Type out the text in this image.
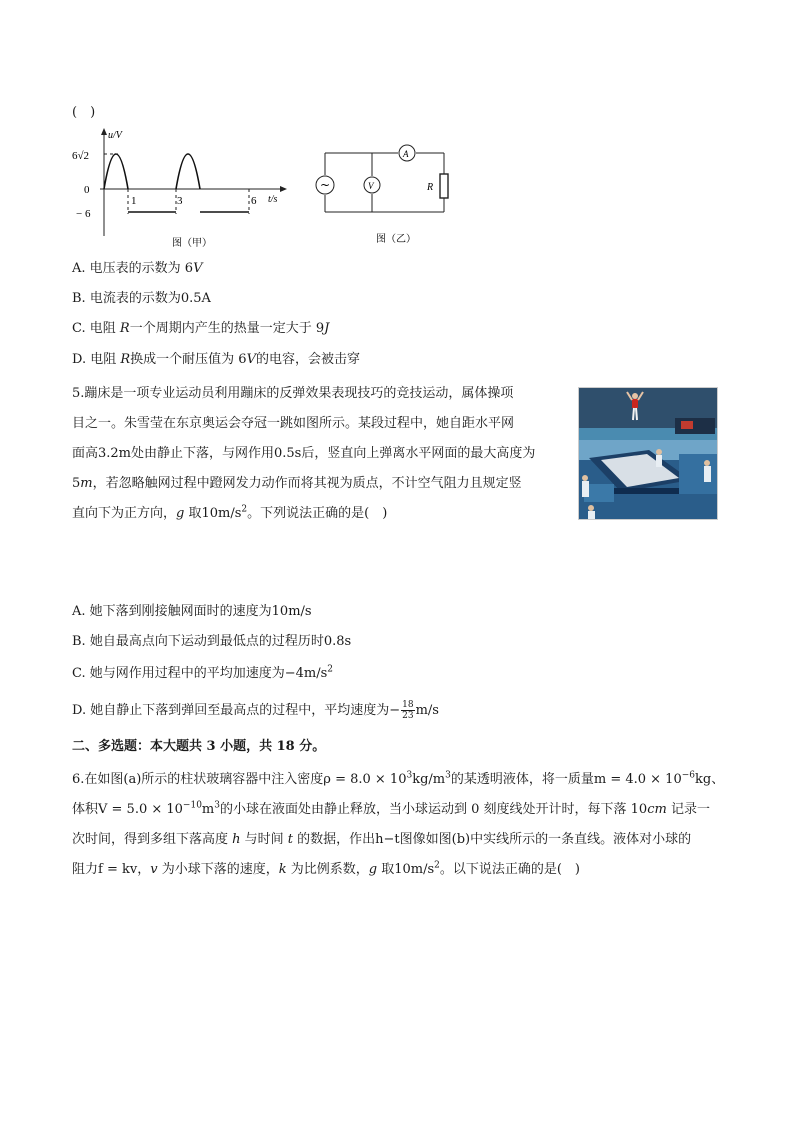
(　)
u/V
t/s
6√2
0
− 6
1	3	6
图（甲）
~	V
A
R
图（乙）
A. 电压表的示数为 6V
B. 电流表的示数为0.5A
C. 电阻 R一个周期内产生的热量一定大于 9J
D. 电阻 R换成一个耐压值为 6V的电容，会被击穿
5.蹦床是一项专业运动员利用蹦床的反弹效果表现技巧的竞技运动，属体操项
目之一。朱雪莹在东京奥运会夺冠一跳如图所示。某段过程中，她自距水平网
面高3.2m处由静止下落，与网作用0.5s后，竖直向上弹离水平网面的最大高度为
5m，若忽略触网过程中蹬网发力动作而将其视为质点，不计空气阻力且规定竖
直向下为正方向，g 取$10m/s^2$。下列说法正确的是(　)
A. 她下落到刚接触网面时的速度为10m/s
B. 她自最高点向下运动到最低点的过程历时0.8s
C. 她与网作用过程中的平均加速度为$-4m/s^2$
D. 她自静止下落到弹回至最高点的过程中，平均速度为− $\frac{18}{23} m/s$
二、多选题：本大题共 3 小题，共 18 分。
6.在如图(a)所示的柱状玻璃容器中注入密度$\rho = 8.0 \times 10^3kg/m^3$的某透明液体，将一质量$m = 4.0 \times 10^{-6}kg$、
体积$V = 5.0 \times 10^{-10}m^3$的小球在液面处由静止释放，当小球运动到 0 刻度线处开计时，每下落 10cm 记录一
次时间，得到多组下落高度 h 与时间 t 的数据，作出h−t图像如图(b)中实线所示的一条直线。液体对小球的
阻力f = kv，v 为小球下落的速度，k 为比例系数，g 取$10m/s^2$。以下说法正确的是(　)
